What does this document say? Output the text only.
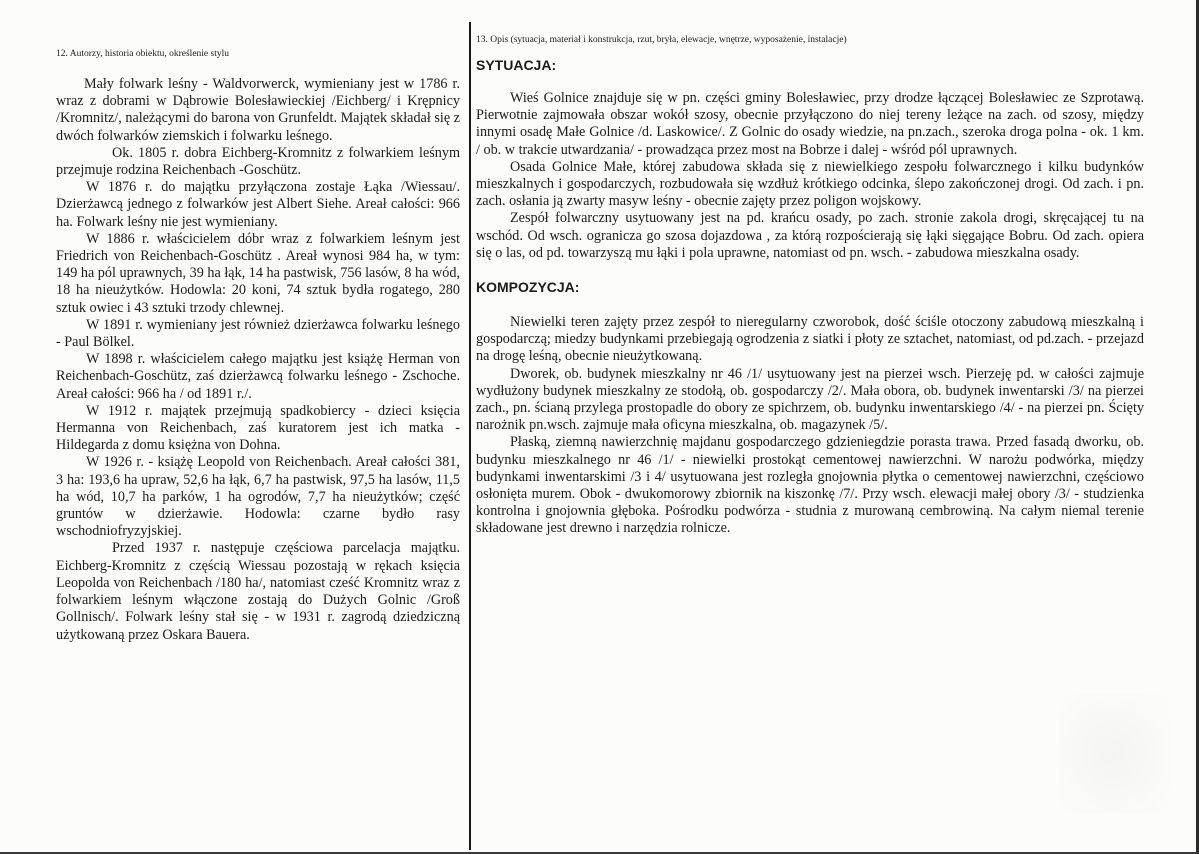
12. Autorzy, historia obiektu, określenie stylu

Mały folwark leśny - Waldvorwerck, wymieniany jest w 1786 r. wraz z dobrami w Dąbrowie Bolesławieckiej /Eichberg/ i Krępnicy /Kromnitz/, należącymi do barona von Grunfeldt. Majątek składał się z dwóch folwarków ziemskich i folwarku leśnego.

Ok. 1805 r. dobra Eichberg-Kromnitz z folwarkiem leśnym przejmuje rodzina Reichenbach -Goschütz.

W 1876 r. do majątku przyłączona zostaje Łąka /Wiessau/. Dzierżawcą jednego z folwarków jest Albert Siehe. Areał całości: 966 ha. Folwark leśny nie jest wymieniany.

W 1886 r. właścicielem dóbr wraz z folwarkiem leśnym jest Friedrich von Reichenbach-Goschütz . Areał wynosi 984 ha, w tym: 149 ha pól uprawnych, 39 ha łąk, 14 ha pastwisk, 756 lasów, 8 ha wód, 18 ha nieużytków. Hodowla: 20 koni, 74 sztuk bydła rogatego, 280 sztuk owiec i 43 sztuki trzody chlewnej.

W 1891 r. wymieniany jest również dzierżawca folwarku leśnego - Paul Bölkel.

W 1898 r. właścicielem całego majątku jest książę Herman von Reichenbach-Goschütz, zaś dzierżawcą folwarku leśnego - Zschoche. Areał całości: 966 ha / od 1891 r./.

W 1912 r. majątek przejmują spadkobiercy - dzieci księcia Hermanna von Reichenbach, zaś kuratorem jest ich matka - Hildegarda z domu księżna von Dohna.

W 1926 r. - książę Leopold von Reichenbach. Areał całości 381, 3 ha: 193,6 ha upraw, 52,6 ha łąk, 6,7 ha pastwisk, 97,5 ha lasów, 11,5 ha wód, 10,7 ha parków, 1 ha ogrodów, 7,7 ha nieużytków; część gruntów w dzierżawie. Hodowla: czarne bydło rasy wschodniofryzyjskiej.

Przed 1937 r. następuje częściowa parcelacja majątku. Eichberg-Kromnitz z częścią Wiessau pozostają w rękach księcia Leopolda von Reichenbach /180 ha/, natomiast cześć Kromnitz wraz z folwarkiem leśnym włączone zostają do Dużych Golnic /Groß Gollnisch/. Folwark leśny stał się - w 1931 r. zagrodą dziedziczną użytkowaną przez Oskara Bauera.

13. Opis (sytuacja, materiał i konstrukcja, rzut, bryła, elewacje, wnętrze, wyposażenie, instalacje)

SYTUACJA:

Wieś Golnice znajduje się w pn. części gminy Bolesławiec, przy drodze łączącej Bolesławiec ze Szprotawą. Pierwotnie zajmowała obszar wokół szosy, obecnie przyłączono do niej tereny leżące na zach. od szosy, między innymi osadę Małe Golnice /d. Laskowice/. Z Golnic do osady wiedzie, na pn.zach., szeroka droga polna - ok. 1 km. / ob. w trakcie utwardzania/ - prowadząca przez most na Bobrze i dalej - wśród pól uprawnych.

Osada Golnice Małe, której zabudowa składa się z niewielkiego zespołu folwarcznego i kilku budynków mieszkalnych i gospodarczych, rozbudowała się wzdłuż krótkiego odcinka, ślepo zakończonej drogi. Od zach. i pn. zach. osłania ją zwarty masyw leśny - obecnie zajęty przez poligon wojskowy.

Zespół folwarczny usytuowany jest na pd. krańcu osady, po zach. stronie zakola drogi, skręcającej tu na wschód. Od wsch. ogranicza go szosa dojazdowa , za którą rozpościerają się łąki sięgające Bobru. Od zach. opiera się o las, od pd. towarzyszą mu łąki i pola uprawne, natomiast od pn. wsch. - zabudowa mieszkalna osady.

KOMPOZYCJA:

Niewielki teren zajęty przez zespół to nieregularny czworobok, dość ściśle otoczony zabudową mieszkalną i gospodarczą; miedzy budynkami przebiegają ogrodzenia z siatki i płoty ze sztachet, natomiast, od pd.zach. - przejazd na drogę leśną, obecnie nieużytkowaną.

Dworek, ob. budynek mieszkalny nr 46 /1/ usytuowany jest na pierzei wsch. Pierzeję pd. w całości zajmuje wydłużony budynek mieszkalny ze stodołą, ob. gospodarczy /2/. Mała obora, ob. budynek inwentarski /3/ na pierzei zach., pn. ścianą przylega prostopadle do obory ze spichrzem, ob. budynku inwentarskiego /4/ - na pierzei pn. Ścięty narożnik pn.wsch. zajmuje mała oficyna mieszkalna, ob. magazynek /5/.

Płaską, ziemną nawierzchnię majdanu gospodarczego gdzieniegdzie porasta trawa. Przed fasadą dworku, ob. budynku mieszkalnego nr 46 /1/ - niewielki prostokąt cementowej nawierzchni. W narożu podwórka, między budynkami inwentarskimi /3 i 4/ usytuowana jest rozległa gnojownia płytka o cementowej nawierzchni, częściowo osłonięta murem. Obok - dwukomorowy zbiornik na kiszonkę /7/. Przy wsch. elewacji małej obory /3/ - studzienka kontrolna i gnojownia głęboka. Pośrodku podwórza - studnia z murowaną cembrowiną. Na całym niemal terenie składowane jest drewno i narzędzia rolnicze.
